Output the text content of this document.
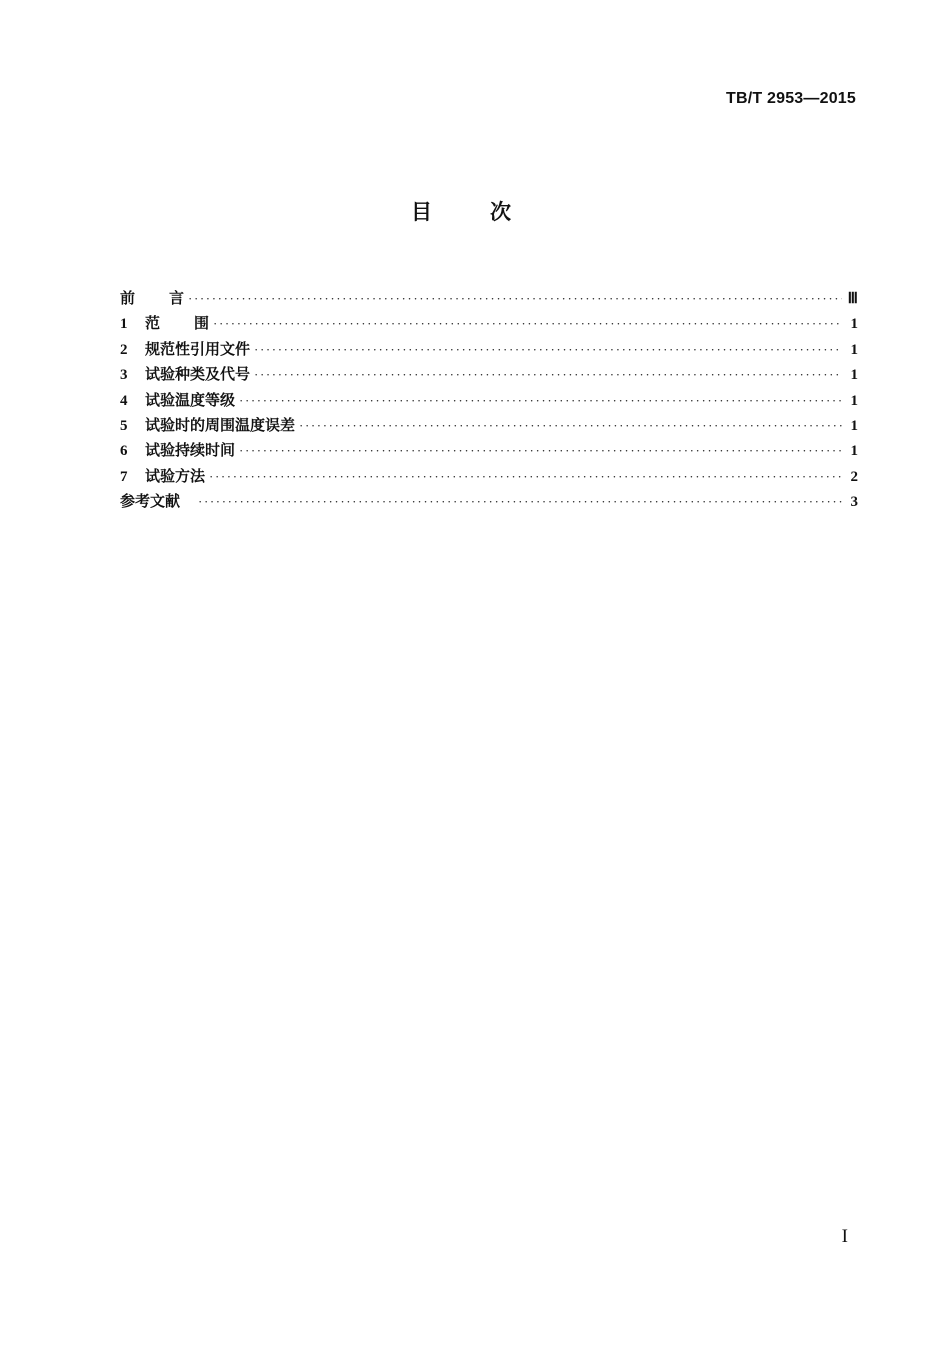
TB/T 2953—2015
目次
前言 ·····	Ⅲ
1	范围 ·····	1
2	规范性引用文件 ·····	1
3	试验种类及代号 ·····	1
4	试验温度等级 ·····	1
5	试验时的周围温度误差 ·····	1
6	试验持续时间 ·····	1
7	试验方法 ·····	2
参考文献 ·····	3
I
